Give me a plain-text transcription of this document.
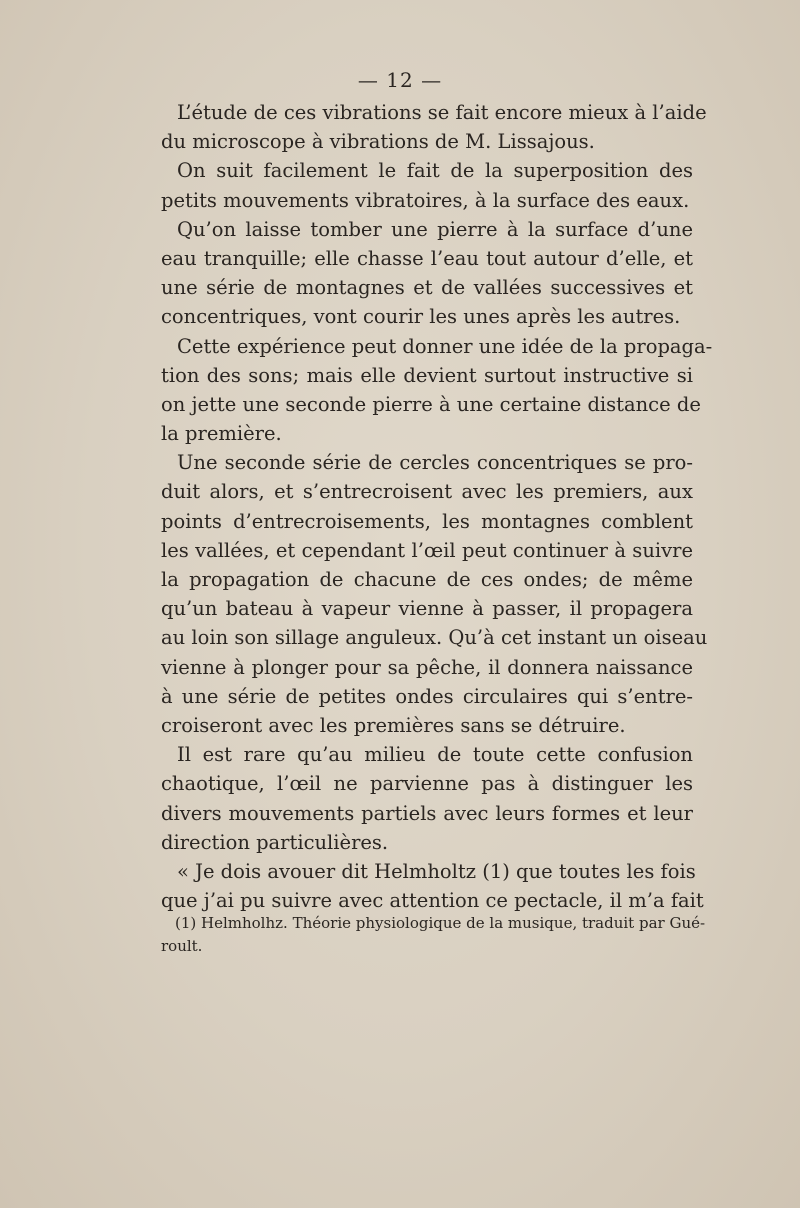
— 12 —
L’étude de ces vibrations se fait encore mieux à l’aide
du microscope à vibrations de M. Lissajous.
On suit facilement le fait de la superposition des
petits mouvements vibratoires, à la surface des eaux.
Qu’on laisse tomber une pierre à la surface d’une
eau tranquille; elle chasse l’eau tout autour d’elle, et
une série de montagnes et de vallées successives et
concentriques, vont courir les unes après les autres.
Cette expérience peut donner une idée de la propaga-
tion des sons; mais elle devient surtout instructive si
on jette une seconde pierre à une certaine distance de
la première.
Une seconde série de cercles concentriques se pro-
duit alors, et s’entrecroisent avec les premiers, aux
points d’entrecroisements, les montagnes comblent
les vallées, et cependant l’œil peut continuer à suivre
la propagation de chacune de ces ondes; de même
qu’un bateau à vapeur vienne à passer, il propagera
au loin son sillage anguleux. Qu’à cet instant un oiseau
vienne à plonger pour sa pêche, il donnera naissance
à une série de petites ondes circulaires qui s’entre-
croiseront avec les premières sans se détruire.
Il est rare qu’au milieu de toute cette confusion
chaotique, l’œil ne parvienne pas à distinguer les
divers mouvements partiels avec leurs formes et leur
direction particulières.
« Je dois avouer dit Helmholtz (1) que toutes les fois
que j’ai pu suivre avec attention ce pectacle, il m’a fait
(1) Helmholhz. Théorie physiologique de la musique, traduit par Gué-
roult.
